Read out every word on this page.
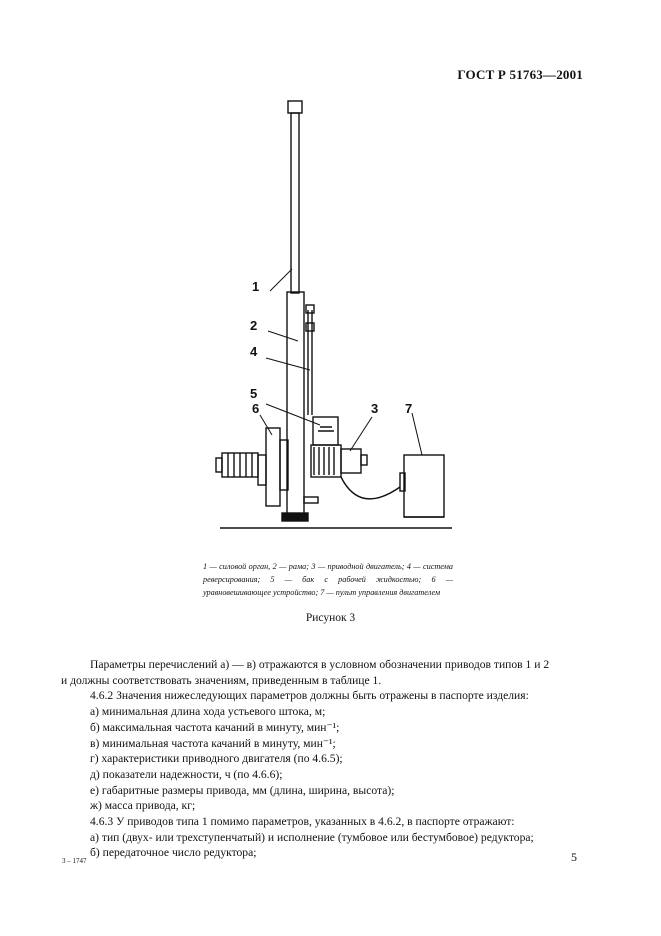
ГОСТ Р 51763—2001
1
2
3
4
5
6	7

1 — силовой орган, 2 — рама; 3 — приводной двигатель; 4 — система реверсирования; 5 — бак с рабочей жидкостью; 6 — уравновешивающее устройство; 7 — пульт управления двигателем

Рисунок 3

Параметры перечислений а) — в) отражаются в условном обозначении приводов типов 1 и 2

и должны соответствовать значениям, приведенным в таблице 1.

4.6.2 Значения нижеследующих параметров должны быть отражены в паспорте изделия:

а) минимальная длина хода устьевого штока, м;

б) максимальная частота качаний в минуту, мин⁻¹;

в) минимальная частота качаний в минуту, мин⁻¹;

г) характеристики приводного двигателя (по 4.6.5);

д) показатели надежности, ч (по 4.6.6);

е) габаритные размеры привода, мм (длина, ширина, высота);

ж) масса привода, кг;

4.6.3 У приводов типа 1 помимо параметров, указанных в 4.6.2, в паспорте отражают:

а) тип (двух- или трехступенчатый) и исполнение (тумбовое или бестумбовое) редуктора;

б) передаточное число редуктора;

3 – 1747	5
